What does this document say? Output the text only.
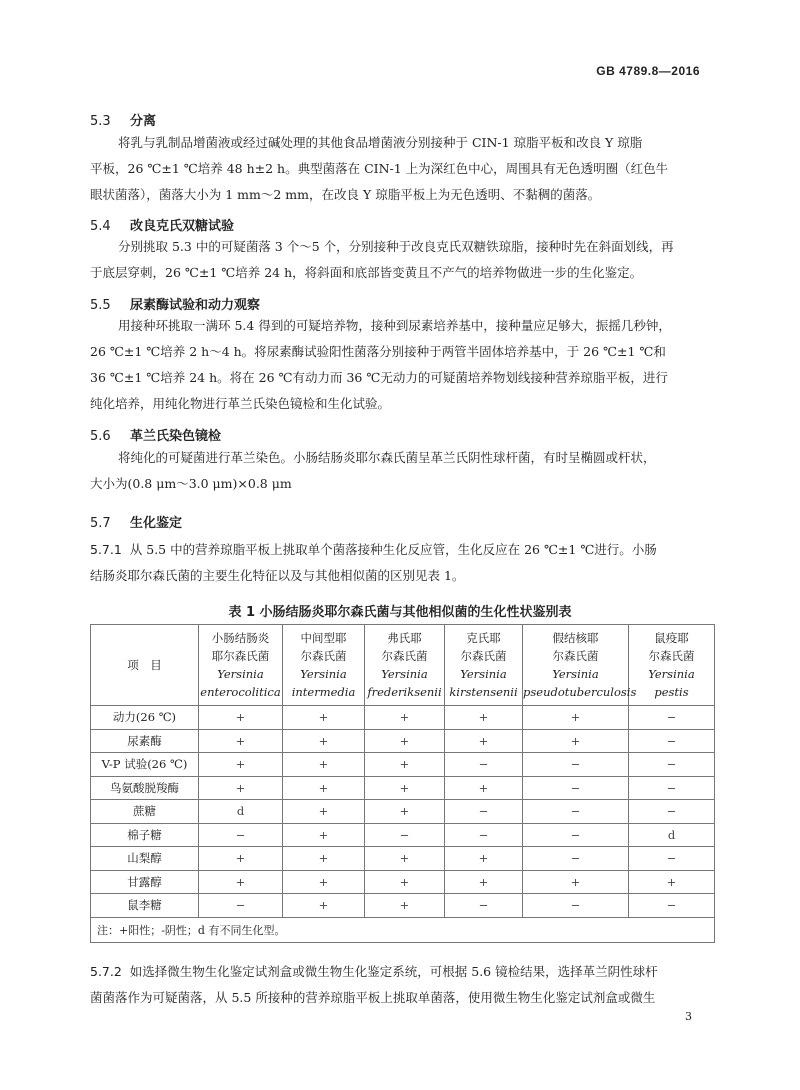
GB 4789.8—2016
5.3 分离

将乳与乳制品增菌液或经过碱处理的其他食品增菌液分别接种于 CIN-1 琼脂平板和改良 Y 琼脂

平板，26 ℃±1 ℃培养 48 h±2 h。典型菌落在 CIN-1 上为深红色中心，周围具有无色透明圈（红色牛

眼状菌落），菌落大小为 1 mm～2 mm，在改良 Y 琼脂平板上为无色透明、不黏稠的菌落。

5.4 改良克氏双糖试验

分别挑取 5.3 中的可疑菌落 3 个～5 个，分别接种于改良克氏双糖铁琼脂，接种时先在斜面划线，再

于底层穿刺，26 ℃±1 ℃培养 24 h，将斜面和底部皆变黄且不产气的培养物做进一步的生化鉴定。

5.5 尿素酶试验和动力观察

用接种环挑取一满环 5.4 得到的可疑培养物，接种到尿素培养基中，接种量应足够大，振摇几秒钟，

26 ℃±1 ℃培养 2 h～4 h。将尿素酶试验阳性菌落分别接种于两管半固体培养基中，于 26 ℃±1 ℃和

36 ℃±1 ℃培养 24 h。将在 26 ℃有动力而 36 ℃无动力的可疑菌培养物划线接种营养琼脂平板，进行

纯化培养，用纯化物进行革兰氏染色镜检和生化试验。

5.6 革兰氏染色镜检

将纯化的可疑菌进行革兰染色。小肠结肠炎耶尔森氏菌呈革兰氏阴性球杆菌，有时呈椭圆或杆状，

大小为(0.8 μm～3.0 μm)×0.8 μm

5.7 生化鉴定

5.7.1 从 5.5 中的营养琼脂平板上挑取单个菌落接种生化反应管，生化反应在 26 ℃±1 ℃进行。小肠

结肠炎耶尔森氏菌的主要生化特征以及与其他相似菌的区别见表 1。

表 1 小肠结肠炎耶尔森氏菌与其他相似菌的生化性状鉴别表
项　目	小肠结肠炎
耶尔森氏菌
Yersinia
enterocolitica	中间型耶
尔森氏菌
Yersinia
intermedia	弗氏耶
尔森氏菌
Yersinia
frederiksenii	克氏耶
尔森氏菌
Yersinia
kirstensenii	假结核耶
尔森氏菌
Yersinia
pseudotuberculosis	鼠疫耶
尔森氏菌
Yersinia
pestis
动力(26 ℃)	+	+	+	+	+	−
尿素酶	+	+	+	+	+	−
V-P 试验(26 ℃)	+	+	+	−	−	−
鸟氨酸脱羧酶	+	+	+	+	−	−
蔗糖	d	+	+	−	−	−
棉子糖	−	+	−	−	−	d
山梨醇	+	+	+	+	−	−
甘露醇	+	+	+	+	+	+
鼠李糖	−	+	+	−	−	−
注：+阳性；-阴性；d 有不同生化型。						

5.7.2 如选择微生物生化鉴定试剂盒或微生物生化鉴定系统，可根据 5.6 镜检结果，选择革兰阴性球杆

菌菌落作为可疑菌落，从 5.5 所接种的营养琼脂平板上挑取单菌落，使用微生物生化鉴定试剂盒或微生

3
